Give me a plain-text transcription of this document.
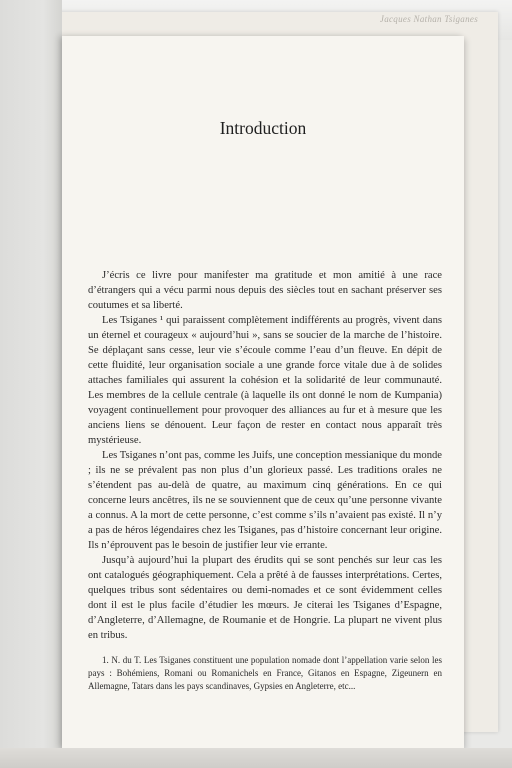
Jacques Nathan Tsiganes
Introduction

J’écris ce livre pour manifester ma gratitude et mon amitié à une race d’étrangers qui a vécu parmi nous depuis des siècles tout en sachant préserver ses coutumes et sa liberté.

Les Tsiganes ¹ qui paraissent complètement indifférents au progrès, vivent dans un éternel et courageux « aujourd’hui », sans se soucier de la marche de l’histoire. Se déplaçant sans cesse, leur vie s’écoule comme l’eau d’un fleuve. En dépit de cette fluidité, leur organisation sociale a une grande force vitale due à de solides attaches familiales qui assurent la cohésion et la solidarité de leur communauté. Les membres de la cellule centrale (à laquelle ils ont donné le nom de Kumpania) voyagent continuellement pour provoquer des alliances au fur et à mesure que les anciens liens se dénouent. Leur façon de rester en contact nous apparaît très mystérieuse.

Les Tsiganes n’ont pas, comme les Juifs, une conception messianique du monde ; ils ne se prévalent pas non plus d’un glorieux passé. Les traditions orales ne s’étendent pas au-delà de quatre, au maximum cinq générations. En ce qui concerne leurs ancêtres, ils ne se souviennent que de ceux qu’une personne vivante a connus. A la mort de cette personne, c’est comme s’ils n’avaient pas existé. Il n’y a pas de héros légendaires chez les Tsiganes, pas d’histoire concernant leur origine. Ils n’éprouvent pas le besoin de justifier leur vie errante.

Jusqu’à aujourd’hui la plupart des érudits qui se sont penchés sur leur cas les ont catalogués géographiquement. Cela a prêté à de fausses interprétations. Certes, quelques tribus sont sédentaires ou demi-nomades et ce sont évidemment celles dont il est le plus facile d’étudier les mœurs. Je citerai les Tsiganes d’Espagne, d’Angleterre, d’Allemagne, de Roumanie et de Hongrie. La plupart ne vivent plus en tribus.

1. N. du T. Les Tsiganes constituent une population nomade dont l’appellation varie selon les pays : Bohémiens, Romani ou Romanichels en France, Gitanos en Espagne, Zigeunern en Allemagne, Tatars dans les pays scandinaves, Gypsies en Angleterre, etc...
